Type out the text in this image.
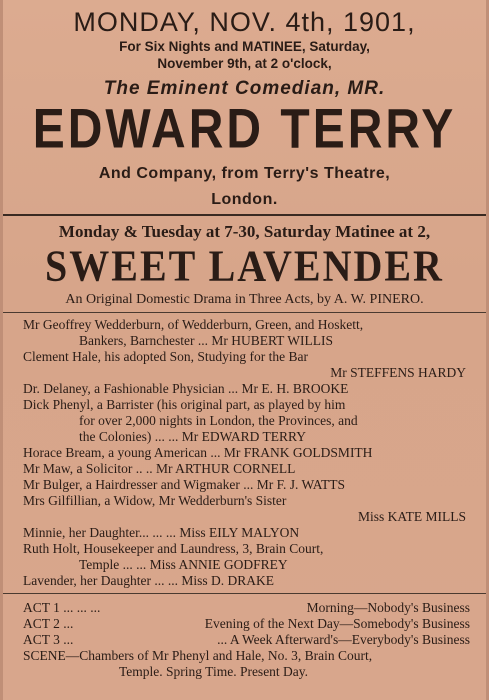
MONDAY, NOV. 4th, 1901,
For Six Nights and MATINEE, Saturday,
November 9th, at 2 o'clock,
The Eminent Comedian, MR.
EDWARD TERRY
And Company, from Terry's Theatre,
London.
Monday & Tuesday at 7-30, Saturday Matinee at 2,
SWEET LAVENDER
An Original Domestic Drama in Three Acts, by A. W. PINERO.
Mr Geoffrey Wedderburn, of Wedderburn, Green, and Hoskett,
Bankers, Barnchester ... Mr HUBERT WILLIS
Clement Hale, his adopted Son, Studying for the Bar
Mr STEFFENS HARDY
Dr. Delaney, a Fashionable Physician ... Mr E. H. BROOKE
Dick Phenyl, a Barrister (his original part, as played by him
for over 2,000 nights in London, the Provinces, and
the Colonies) ... ... Mr EDWARD TERRY
Horace Bream, a young American ... Mr FRANK GOLDSMITH
Mr Maw, a Solicitor .. .. Mr ARTHUR CORNELL
Mr Bulger, a Hairdresser and Wigmaker ... Mr F. J. WATTS
Mrs Gilfillian, a Widow, Mr Wedderburn's Sister
Miss KATE MILLS
Minnie, her Daughter... ... ... Miss EILY MALYON
Ruth Holt, Housekeeper and Laundress, 3, Brain Court,
Temple ... ... Miss ANNIE GODFREY
Lavender, her Daughter ... ... Miss D. DRAKE
ACT 1 ... ... ...	Morning—Nobody's Business
ACT 2 ...	Evening of the Next Day—Somebody's Business
ACT 3 ...	... A Week Afterward's—Everybody's Business
SCENE—Chambers of Mr Phenyl and Hale, No. 3, Brain Court,
Temple. Spring Time. Present Day.
